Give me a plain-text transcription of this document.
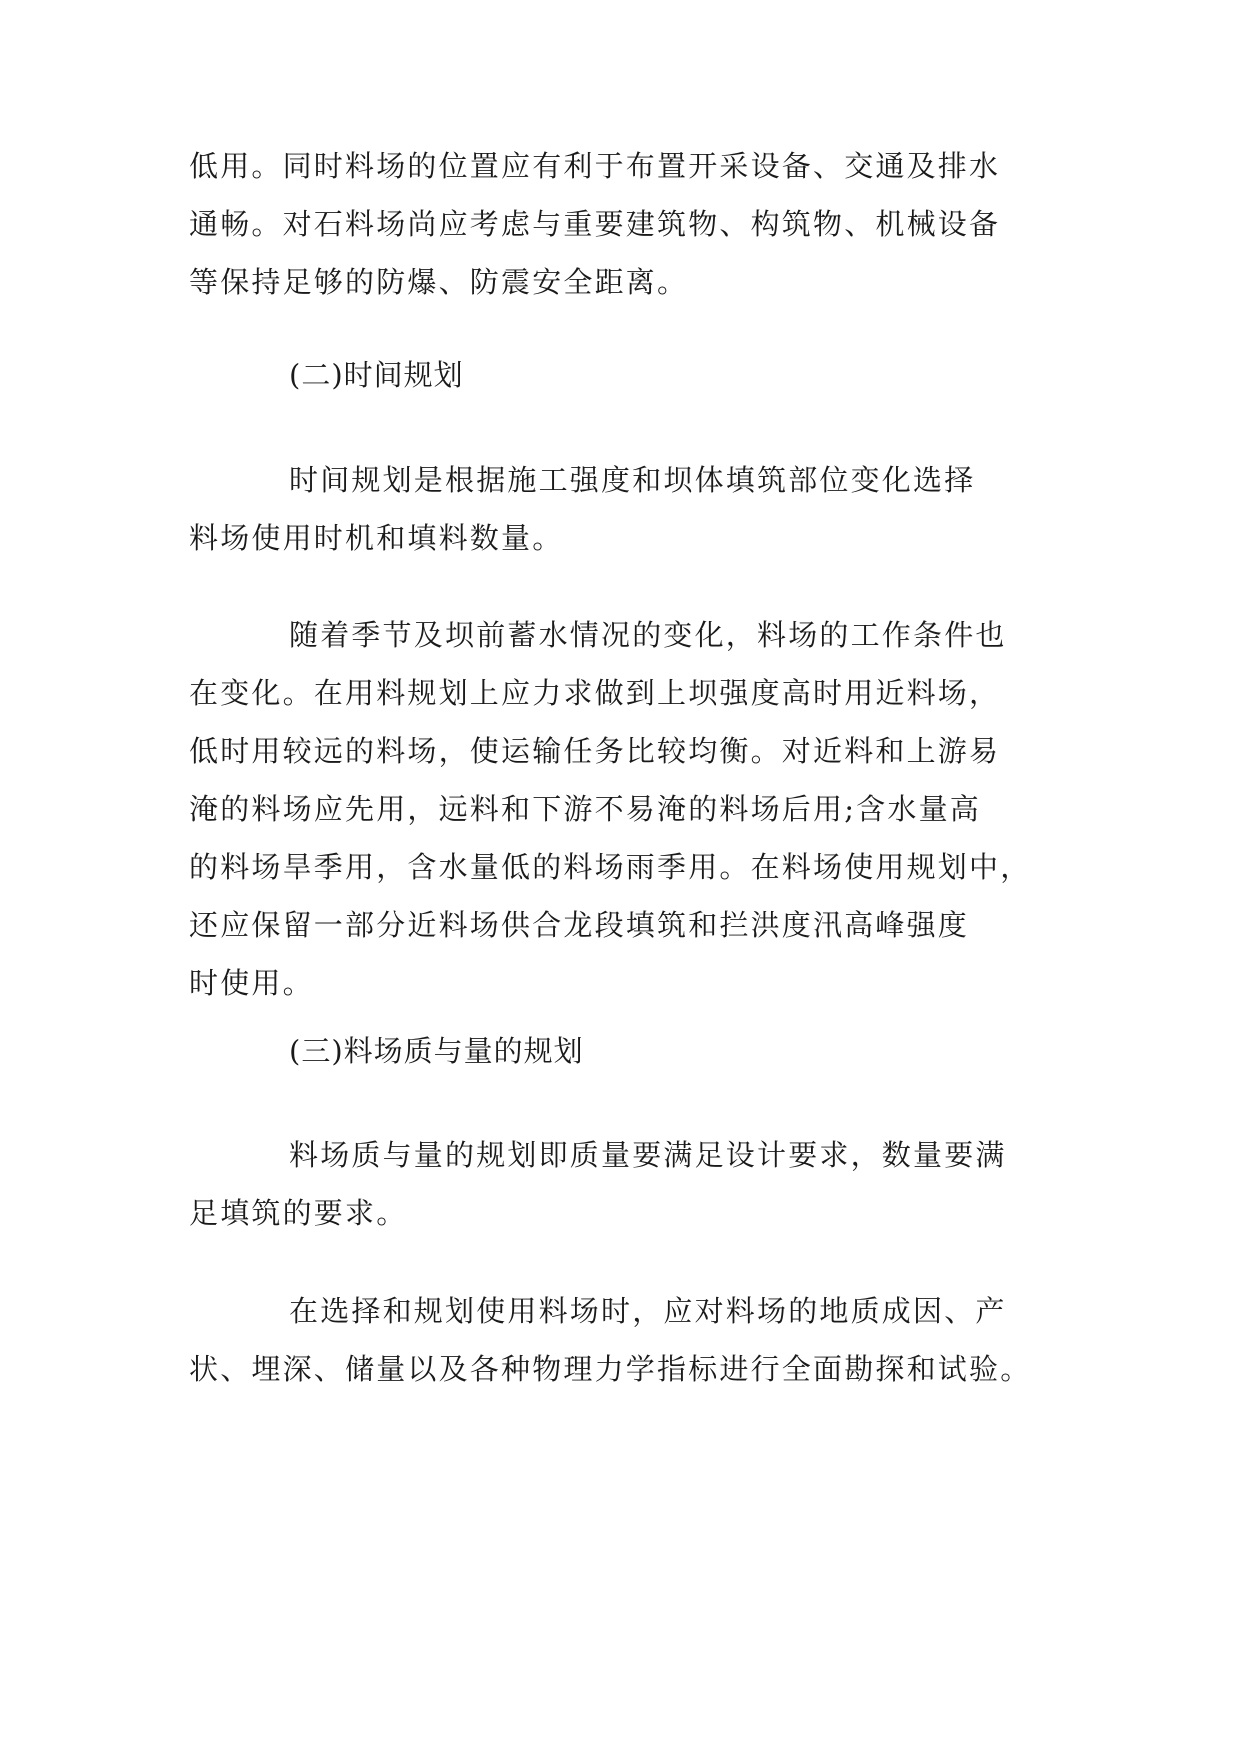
低用。同时料场的位置应有利于布置开采设备、交通及排水
通畅。对石料场尚应考虑与重要建筑物、构筑物、机械设备
等保持足够的防爆、防震安全距离。
(二)时间规划
时间规划是根据施工强度和坝体填筑部位变化选择
料场使用时机和填料数量。
随着季节及坝前蓄水情况的变化，料场的工作条件也
在变化。在用料规划上应力求做到上坝强度高时用近料场，
低时用较远的料场，使运输任务比较均衡。对近料和上游易
淹的料场应先用，远料和下游不易淹的料场后用;含水量高
的料场旱季用，含水量低的料场雨季用。在料场使用规划中，
还应保留一部分近料场供合龙段填筑和拦洪度汛高峰强度
时使用。
(三)料场质与量的规划
料场质与量的规划即质量要满足设计要求，数量要满
足填筑的要求。
在选择和规划使用料场时，应对料场的地质成因、产
状、埋深、储量以及各种物理力学指标进行全面勘探和试验。
